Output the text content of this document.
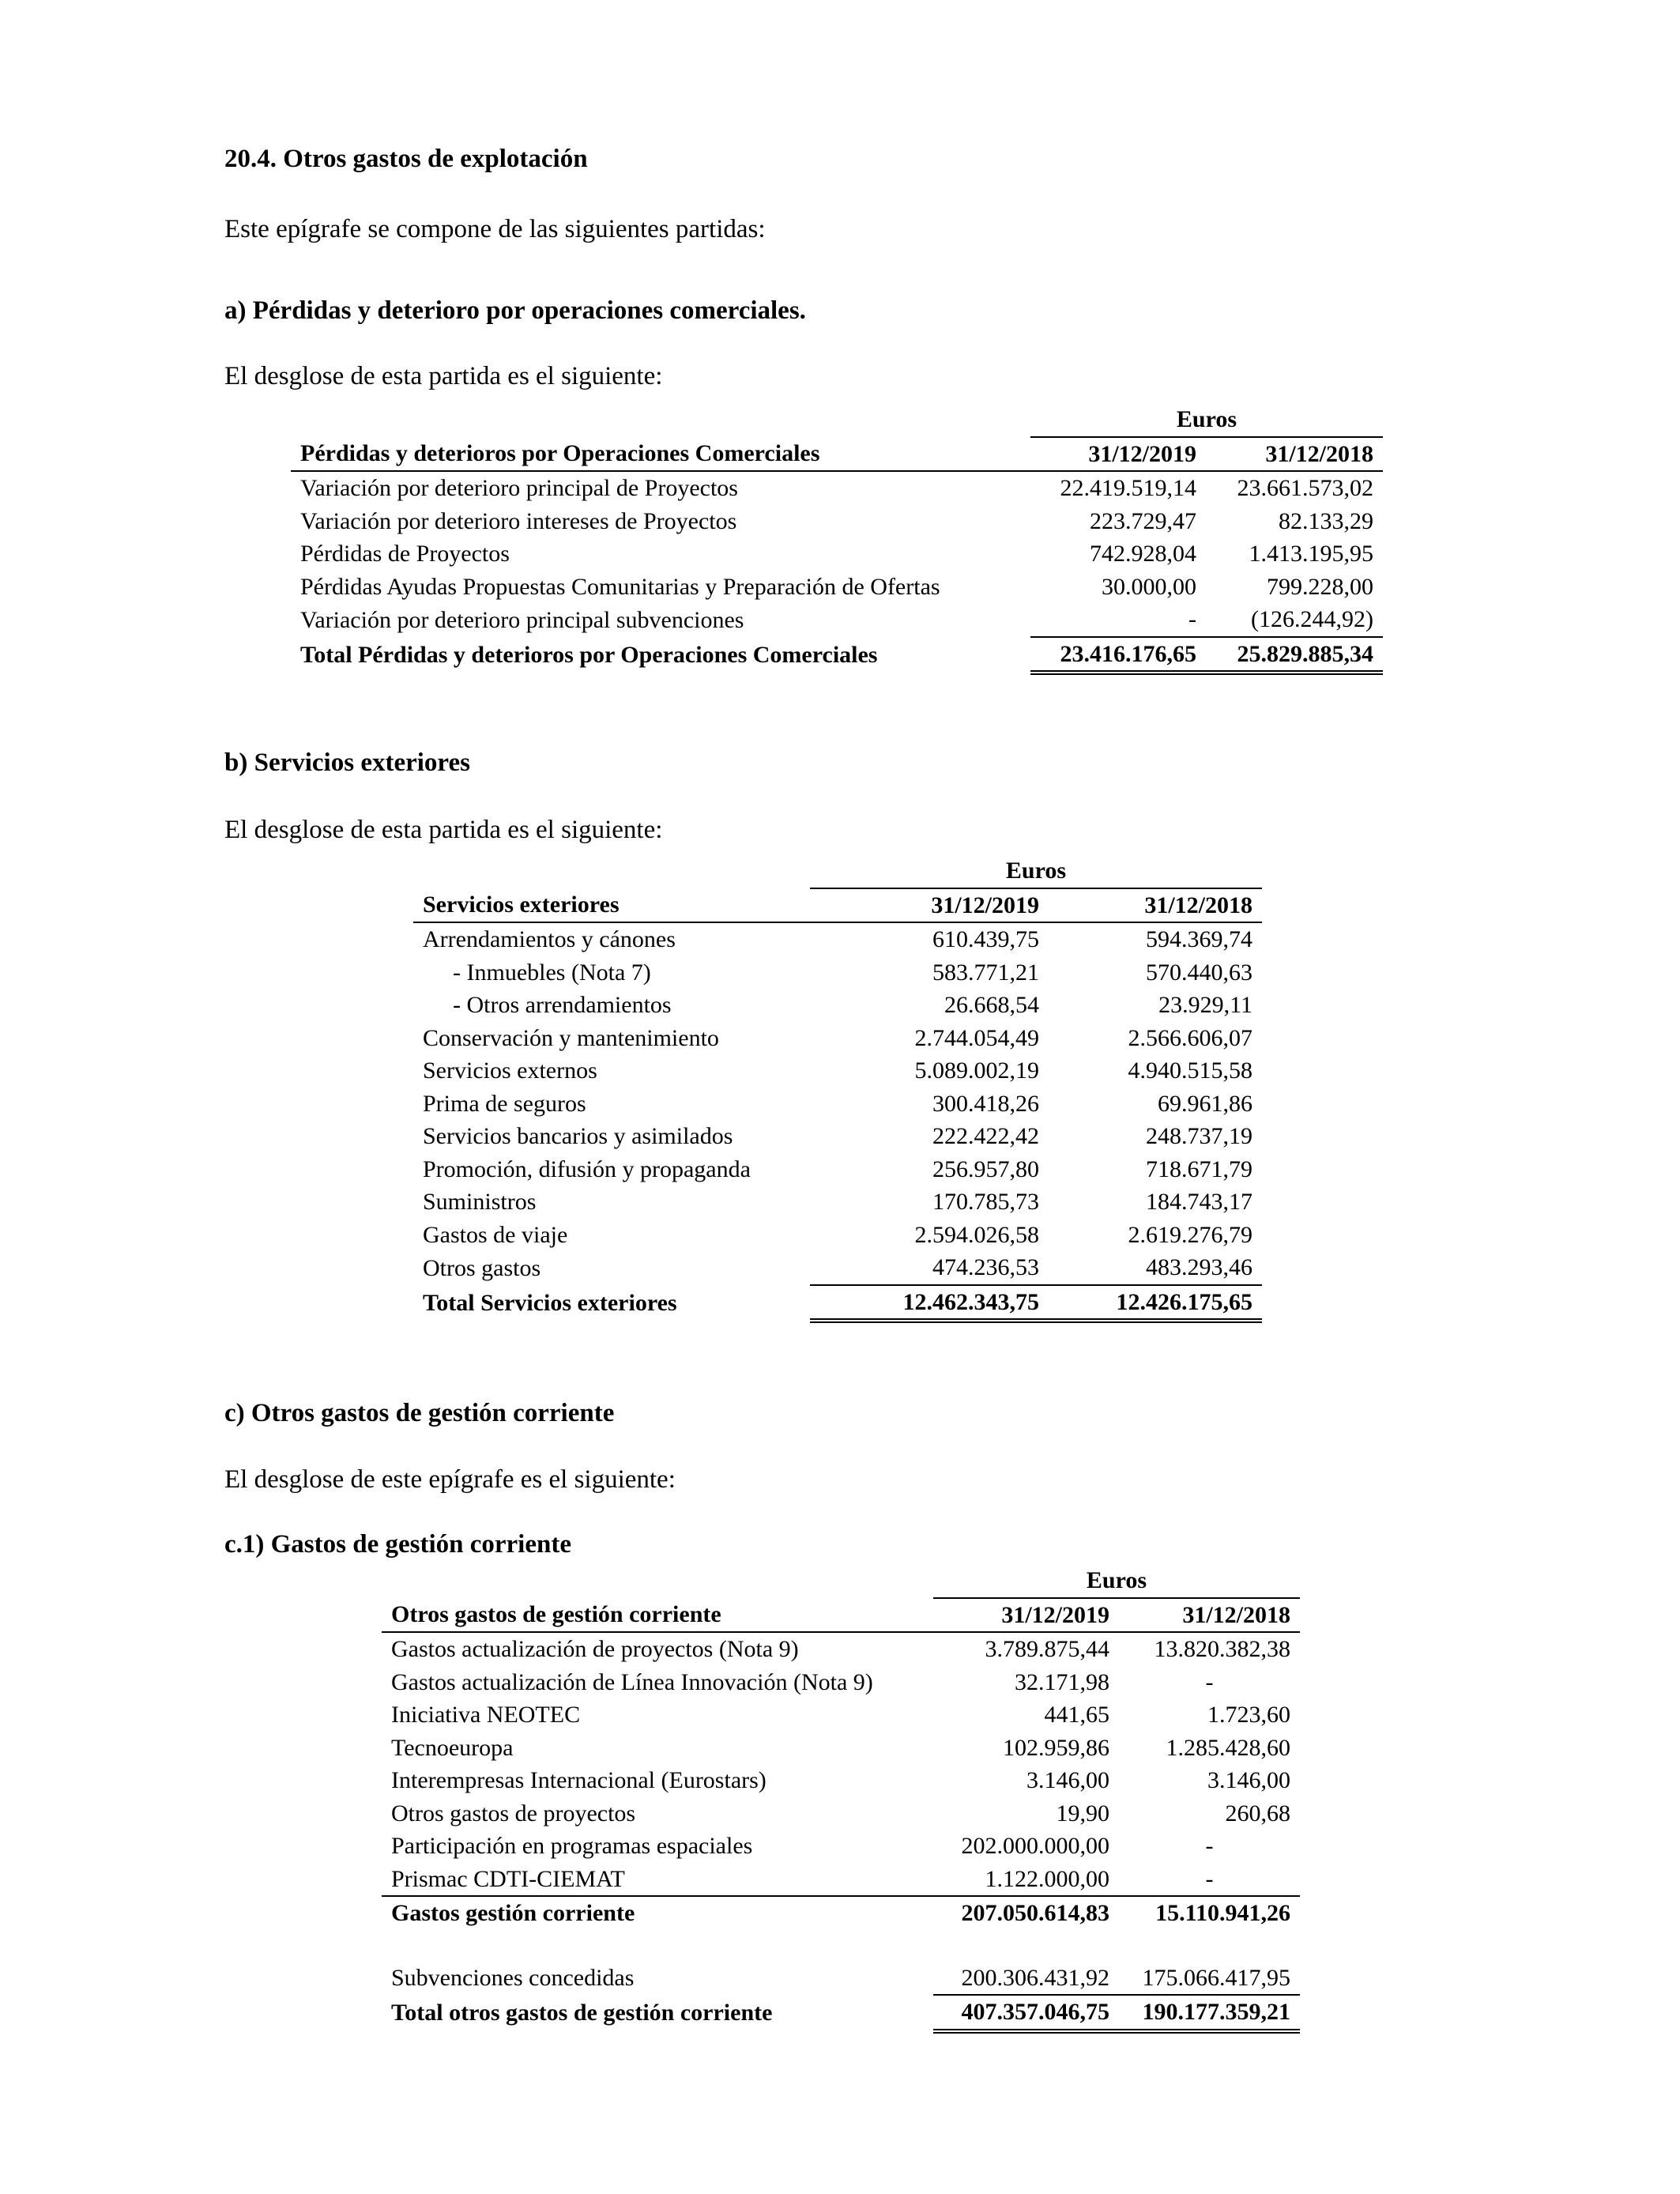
20.4. Otros gastos de explotación

Este epígrafe se compone de las siguientes partidas:

a) Pérdidas y deterioro por operaciones comerciales.

El desglose de esta partida es el siguiente:

	Euros	
Pérdidas y deterioros por Operaciones Comerciales	31/12/2019	31/12/2018
Variación por deterioro principal de Proyectos	22.419.519,14	23.661.573,02
Variación por deterioro intereses de Proyectos	223.729,47	82.133,29
Pérdidas de Proyectos	742.928,04	1.413.195,95
Pérdidas Ayudas Propuestas Comunitarias y Preparación de Ofertas	30.000,00	799.228,00
Variación por deterioro principal subvenciones	-	(126.244,92)
Total Pérdidas y deterioros por Operaciones Comerciales	23.416.176,65	25.829.885,34
b) Servicios exteriores

El desglose de esta partida es el siguiente:

	Euros	
Servicios exteriores	31/12/2019	31/12/2018
Arrendamientos y cánones	610.439,75	594.369,74
- Inmuebles (Nota 7)	583.771,21	570.440,63
- Otros arrendamientos	26.668,54	23.929,11
Conservación y mantenimiento	2.744.054,49	2.566.606,07
Servicios externos	5.089.002,19	4.940.515,58
Prima de seguros	300.418,26	69.961,86
Servicios bancarios y asimilados	222.422,42	248.737,19
Promoción, difusión y propaganda	256.957,80	718.671,79
Suministros	170.785,73	184.743,17
Gastos de viaje	2.594.026,58	2.619.276,79
Otros gastos	474.236,53	483.293,46
Total Servicios exteriores	12.462.343,75	12.426.175,65
c) Otros gastos de gestión corriente

El desglose de este epígrafe es el siguiente:

c.1) Gastos de gestión corriente
	Euros	
Otros gastos de gestión corriente	31/12/2019	31/12/2018
Gastos actualización de proyectos (Nota 9)	3.789.875,44	13.820.382,38
Gastos actualización de Línea Innovación (Nota 9)	32.171,98	-
Iniciativa NEOTEC	441,65	1.723,60
Tecnoeuropa	102.959,86	1.285.428,60
Interempresas Internacional (Eurostars)	3.146,00	3.146,00
Otros gastos de proyectos	19,90	260,68
Participación en programas espaciales	202.000.000,00	-
Prismac CDTI-CIEMAT	1.122.000,00	-
Gastos gestión corriente	207.050.614,83	15.110.941,26

Subvenciones concedidas	200.306.431,92	175.066.417,95
Total otros gastos de gestión corriente	407.357.046,75	190.177.359,21
